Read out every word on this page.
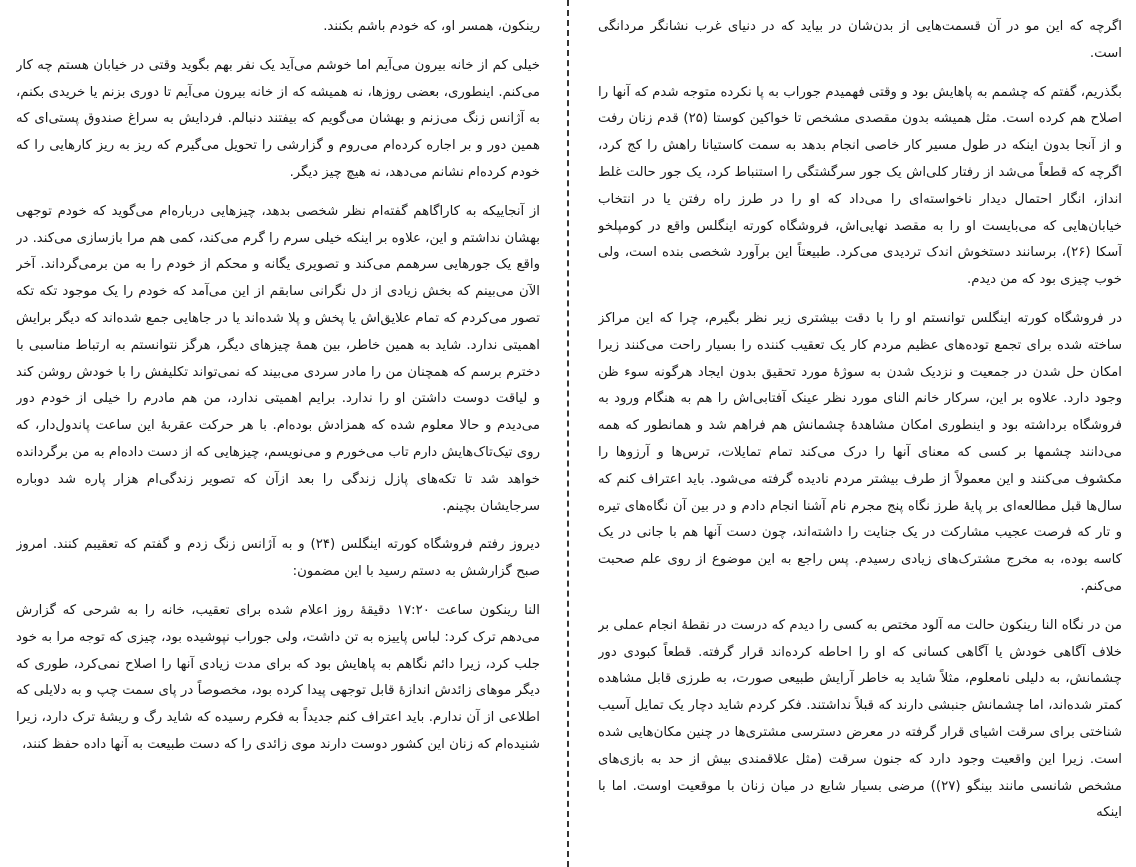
اگرچه که این مو در آن قسمت‌هایی از بدن‌شان در بیاید که در دنیای غرب نشانگر مردانگی است.

بگذریم، گفتم که چشمم به پاهایش بود و وقتی فهمیدم جوراب به پا نکرده متوجه شدم که آنها را اصلاح هم کرده است. مثل همیشه بدون مقصدی مشخص تا خواکین کوستا (۲۵) قدم زنان رفت و از آنجا بدون اینکه در طول مسیر کار خاصی انجام بدهد به سمت کاستیانا راهش را کج کرد، اگرچه که قطعاً می‌شد از رفتار کلی‌اش یک جور سرگشتگی را استنباط کرد، یک جور حالت غلط انداز، انگار احتمال دیدار ناخواسته‌ای را می‌داد که او را در طرز راه رفتن یا در انتخاب خیابان‌هایی که می‌بایست او را به مقصد نهایی‌اش، فروشگاه کورته اینگلس واقع در کومپلخو آسکا (۲۶)، برسانند دستخوش اندک تردیدی می‌کرد. طبیعتاً این برآورد شخصی بنده است، ولی خوب چیزی بود که من دیدم.

در فروشگاه کورته اینگلس توانستم او را با دقت بیشتری زیر نظر بگیرم، چرا که این مراکز ساخته شده برای تجمع توده‌های عظیم مردم کار یک تعقیب کننده را بسیار راحت می‌کنند زیرا امکان حل شدن در جمعیت و نزدیک شدن به سوژهٔ مورد تحقیق بدون ایجاد هرگونه سوء ظن وجود دارد. علاوه بر این، سرکار خانم النای مورد نظر عینک آفتابی‌اش را هم به هنگام ورود به فروشگاه برداشته بود و اینطوری امکان مشاهدهٔ چشمانش هم فراهم شد و همانطور که همه می‌دانند چشمها بر کسی که معنای آنها را درک می‌کند تمام تمایلات، ترس‌ها و آرزوها را مکشوف می‌کنند و این معمولاً از طرف بیشتر مردم نادیده گرفته می‌شود. باید اعتراف کنم که سال‌ها قبل مطالعه‌ای بر پایهٔ طرز نگاه پنج مجرم نام آشنا انجام دادم و در بین آن نگاه‌های تیره و تار که فرصت عجیب مشارکت در یک جنایت را داشته‌اند، چون دست آنها هم با جانی در یک کاسه بوده، به مخرج مشترک‌های زیادی رسیدم. پس راجع به این موضوع از روی علم صحبت می‌کنم.

من در نگاه النا رینکون حالت مه آلود مختص به کسی را دیدم که درست در نقطهٔ انجام عملی بر خلاف آگاهی خودش یا آگاهی کسانی که او را احاطه کرده‌اند قرار گرفته. قطعاً کبودی دور چشمانش، به دلیلی نامعلوم، مثلاً شاید به خاطر آرایش طبیعی صورت، به طرزی قابل مشاهده کمتر شده‌اند، اما چشمانش جنبشی دارند که قبلاً نداشتند. فکر کردم شاید دچار یک تمایل آسیب شناختی برای سرقت اشیای قرار گرفته در معرض دسترسی مشتری‌ها در چنین مکان‌هایی شده است. زیرا این واقعیت وجود دارد که جنون سرقت (مثل علاقمندی بیش از حد به بازی‌های مشخص شانسی مانند بینگو (۲۷)) مرضی بسیار شایع در میان زنان با موقعیت اوست. اما با اینکه

رینکون، همسر او، که خودم باشم بکنند.

خیلی کم از خانه بیرون می‌آیم اما خوشم می‌آید یک نفر بهم بگوید وقتی در خیابان هستم چه کار می‌کنم. اینطوری، بعضی روزها، نه همیشه که از خانه بیرون می‌آیم تا دوری بزنم یا خریدی بکنم، به آژانس زنگ می‌زنم و بهشان می‌گویم که بیفتند دنبالم. فردایش به سراغ صندوق پستی‌ای که همین دور و بر اجاره کرده‌ام می‌روم و گزارشی را تحویل می‌گیرم که ریز به ریز کارهایی را که خودم کرده‌ام نشانم می‌دهد، نه هیچ چیز دیگر.

از آنجاییکه به کاراگاهم گفته‌ام نظر شخصی بدهد، چیزهایی درباره‌ام می‌گوید که خودم توجهی بهشان نداشتم و این، علاوه بر اینکه خیلی سرم را گرم می‌کند، کمی هم مرا بازسازی می‌کند. در واقع یک جورهایی سرهمم می‌کند و تصویری یگانه و محکم از خودم را به من برمی‌گرداند. آخر الآن می‌بینم که بخش زیادی از دل نگرانی سابقم از این می‌آمد که خودم را یک موجود تکه تکه تصور می‌کردم که تمام علایق‌اش یا پخش و پلا شده‌اند یا در جاهایی جمع شده‌اند که دیگر برایش اهمیتی ندارد. شاید به همین خاطر، بین همهٔ چیزهای دیگر، هرگز نتوانستم به ارتباط مناسبی با دخترم برسم که همچنان من را مادر سردی می‌بیند که نمی‌تواند تکلیفش را با خودش روشن کند و لیاقت دوست داشتن او را ندارد. برایم اهمیتی ندارد، من هم مادرم را خیلی از خودم دور می‌دیدم و حالا معلوم شده که همزادش بوده‌ام. با هر حرکت عقربهٔ این ساعت پاندول‌دار، که روی تیک‌تاک‌هایش دارم تاب می‌خورم و می‌نویسم، چیزهایی که از دست داده‌ام به من برگردانده خواهد شد تا تکه‌های پازل زندگی را بعد ازآن که تصویر زندگی‌ام هزار پاره شد دوباره سرجایشان بچینم.

دیروز رفتم فروشگاه کورته اینگلس (۲۴) و به آژانس زنگ زدم و گفتم که تعقیبم کنند. امروز صبح گزارشش به دستم رسید با این مضمون:

النا رینکون ساعت ۱۷:۲۰ دقیقهٔ روز اعلام شده برای تعقیب، خانه را به شرحی که گزارش می‌دهم ترک کرد: لباس پاییزه به تن داشت، ولی جوراب نپوشیده بود، چیزی که توجه مرا به خود جلب کرد، زیرا دائم نگاهم به پاهایش بود که برای مدت زیادی آنها را اصلاح نمی‌کرد، طوری که دیگر موهای زائدش اندازهٔ قابل توجهی پیدا کرده بود، مخصوصاً در پای سمت چپ و به دلایلی که اطلاعی از آن ندارم. باید اعتراف کنم جدیداً به فکرم رسیده که شاید رگ و ریشهٔ ترک دارد، زیرا شنیده‌ام که زنان این کشور دوست دارند موی زائدی را که دست طبیعت به آنها داده حفظ کنند،
